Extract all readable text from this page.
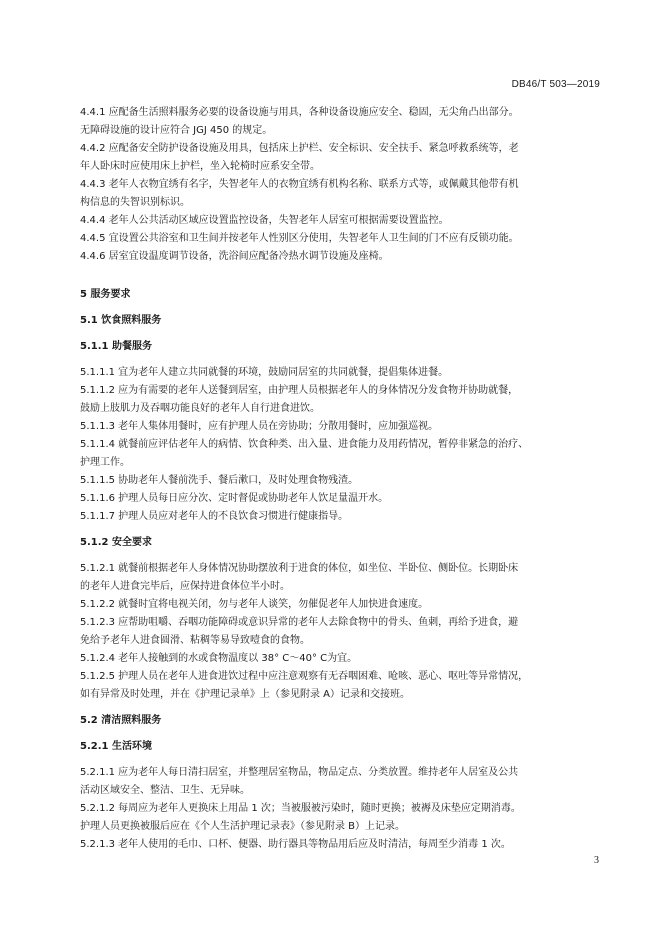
DB46/T 503—2019
4.4.1 应配备生活照料服务必要的设备设施与用具，各种设备设施应安全、稳固，无尖角凸出部分。
无障碍设施的设计应符合 JGJ 450 的规定。
4.4.2 应配备安全防护设备设施及用具，包括床上护栏、安全标识、安全扶手、紧急呼救系统等，老
年人卧床时应使用床上护栏，坐入轮椅时应系安全带。
4.4.3 老年人衣物宜绣有名字，失智老年人的衣物宜绣有机构名称、联系方式等，或佩戴其他带有机
构信息的失智识别标识。
4.4.4 老年人公共活动区域应设置监控设备，失智老年人居室可根据需要设置监控。
4.4.5 宜设置公共浴室和卫生间并按老年人性别区分使用，失智老年人卫生间的门不应有反锁功能。
4.4.6 居室宜设温度调节设备，洗浴间应配备冷热水调节设施及座椅。
5 服务要求
5.1 饮食照料服务
5.1.1 助餐服务
5.1.1.1 宜为老年人建立共同就餐的环境，鼓励同居室的共同就餐，提倡集体进餐。
5.1.1.2 应为有需要的老年人送餐到居室，由护理人员根据老年人的身体情况分发食物并协助就餐，
鼓励上肢肌力及吞咽功能良好的老年人自行进食进饮。
5.1.1.3 老年人集体用餐时，应有护理人员在旁协助；分散用餐时，应加强巡视。
5.1.1.4 就餐前应评估老年人的病情、饮食种类、出入量、进食能力及用药情况，暂停非紧急的治疗、
护理工作。
5.1.1.5 协助老年人餐前洗手、餐后漱口，及时处理食物残渣。
5.1.1.6 护理人员每日应分次、定时督促或协助老年人饮足量温开水。
5.1.1.7 护理人员应对老年人的不良饮食习惯进行健康指导。
5.1.2 安全要求
5.1.2.1 就餐前根据老年人身体情况协助摆放利于进食的体位，如坐位、半卧位、侧卧位。长期卧床
的老年人进食完毕后，应保持进食体位半小时。
5.1.2.2 就餐时宜将电视关闭，勿与老年人谈笑，勿催促老年人加快进食速度。
5.1.2.3 应帮助咀嚼、吞咽功能障碍或意识异常的老年人去除食物中的骨头、鱼刺，再给予进食，避
免给予老年人进食圆滑、粘稠等易导致噎食的食物。
5.1.2.4 老年人接触到的水或食物温度以 38° C～40° C为宜。
5.1.2.5 护理人员在老年人进食进饮过程中应注意观察有无吞咽困难、呛咳、恶心、呕吐等异常情况，
如有异常及时处理，并在《护理记录单》上（参见附录 A）记录和交接班。
5.2 清洁照料服务
5.2.1 生活环境
5.2.1.1 应为老年人每日清扫居室，并整理居室物品，物品定点、分类放置。维持老年人居室及公共
活动区域安全、整洁、卫生、无异味。
5.2.1.2 每周应为老年人更换床上用品 1 次；当被服被污染时，随时更换；被褥及床垫应定期消毒。
护理人员更换被服后应在《个人生活护理记录表》（参见附录 B）上记录。
5.2.1.3 老年人使用的毛巾、口杯、便器、助行器具等物品用后应及时清洁，每周至少消毒 1 次。
3
